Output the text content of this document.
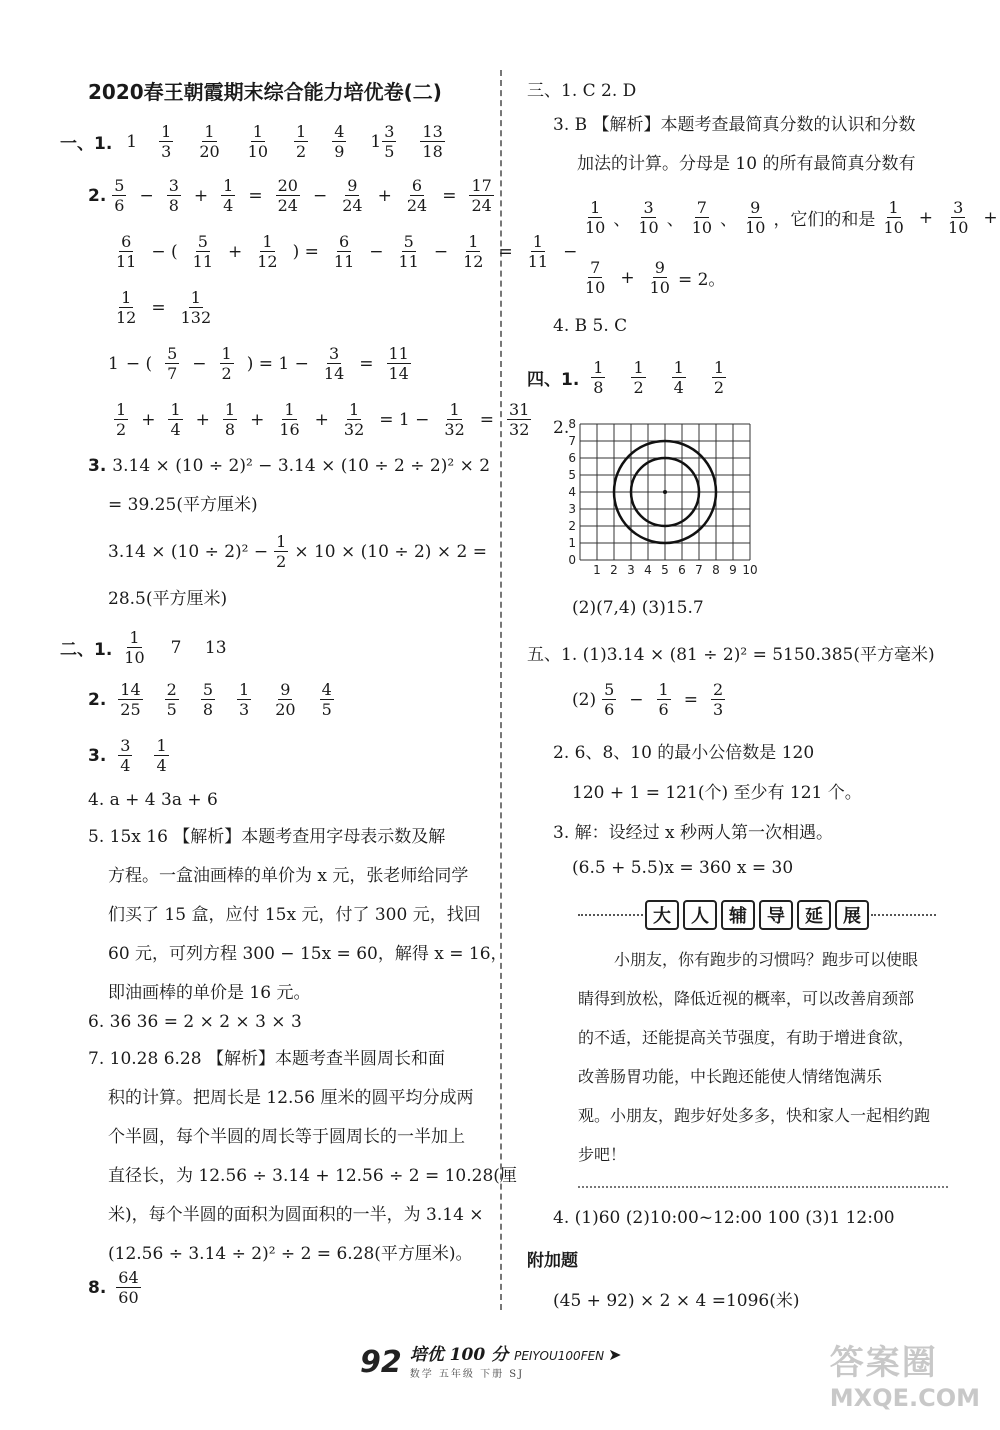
2020春王朝霞期末综合能力培优卷(二)
一、1. $1 \frac{1}{3} \frac{1}{20} \frac{1}{10} \frac{1}{2} \frac{4}{9} 1 \frac{3}{5} \frac{13}{18}$
2. $\frac{5}{6} - \frac{3}{8} + \frac{1}{4} = \frac{20}{24} - \frac{9}{24} + \frac{6}{24} = \frac{17}{24}$
$\frac{6}{11}$ − ( $\frac{5}{11} + \frac{1}{12}$ ) = $\frac{6}{11} - \frac{5}{11} - \frac{1}{12} = \frac{1}{11}$ −
$\frac{1}{12} = \frac{1}{132}$
1 − ( $\frac{5}{7} - \frac{1}{2}$ ) = $1 - \frac{3}{14} = \frac{11}{14}$
$\frac{1}{2} + \frac{1}{4} + \frac{1}{8} + \frac{1}{16} + \frac{1}{32} = 1 - \frac{1}{32} = \frac{31}{32}$
3. 3.14 × (10 ÷ 2)² − 3.14 × (10 ÷ 2 ÷ 2)² × 2
= 39.25(平方厘米)
$3.14 \times (10 \div 2)^2 - \frac{1}{2} \times 10 \times (10 \div 2) \times 2$ =
28.5(平方厘米)
二、1. $\frac{1}{10} 7$ 13
2. $\frac{14}{25} \frac{2}{5} \frac{5}{8} \frac{1}{3} \frac{9}{20} \frac{4}{5}$
3. $\frac{3}{4} \frac{1}{4}$
4. a + 4 3a + 6
5. 15x 16 【解析】本题考查用字母表示数及解
方程。一盒油画棒的单价为 x 元，张老师给同学
们买了 15 盒，应付 15x 元，付了 300 元，找回
60 元，可列方程 300 − 15x = 60，解得 x = 16，
即油画棒的单价是 16 元。
6. 36 36 = 2 × 2 × 3 × 3
7. 10.28 6.28 【解析】本题考查半圆周长和面
积的计算。把周长是 12.56 厘米的圆平均分成两
个半圆，每个半圆的周长等于圆周长的一半加上
直径长，为 12.56 ÷ 3.14 + 12.56 ÷ 2 = 10.28(厘
米)，每个半圆的面积为圆面积的一半，为 3.14 ×
(12.56 ÷ 3.14 ÷ 2)² ÷ 2 = 6.28(平方厘米)。
8. $\frac{64}{60}$
三、1. C 2. D
3. B 【解析】本题考查最简真分数的认识和分数
加法的计算。分母是 10 的所有最简真分数有
$\frac{1}{10}$ 、 $\frac{3}{10}$ 、 $\frac{7}{10}$ 、 $\frac{9}{10}$ ，它们的和是 $\frac{1}{10} + \frac{3}{10}$ +
$\frac{7}{10} + \frac{9}{10} = 2$。
4. B 5. C
四、1. $\frac{1}{8} \frac{1}{2} \frac{1}{4} \frac{1}{2}$
2.
1 2 3 4 5 6 7 8 9 10
0
1
2
3
4
5
6
7
8
(2)(7,4) (3)15.7
五、1. (1)3.14 × (81 ÷ 2)² = 5150.385(平方毫米)
$(2) \frac{5}{6} - \frac{1}{6} = \frac{2}{3}$
2. 6、8、10 的最小公倍数是 120
120 + 1 = 121(个) 至少有 121 个。
3. 解：设经过 x 秒两人第一次相遇。
(6.5 + 5.5)x = 360 x = 30
大	人	辅	导	延	展
小朋友，你有跑步的习惯吗？跑步可以使眼
睛得到放松，降低近视的概率，可以改善肩颈部
的不适，还能提高关节强度，有助于增进食欲，
改善肠胃功能，中长跑还能使人情绪饱满乐
观。小朋友，跑步好处多多，快和家人一起相约跑
步吧！
4. (1)60 (2)10:00~12:00 100 (3)1 12:00
附加题
(45 + 92) × 2 × 4 =1096(米)
92 培优 100 分 PEIYOU100FEN ➤
数学 五年级 下册 SJ	答案圈
MXQE.COM
